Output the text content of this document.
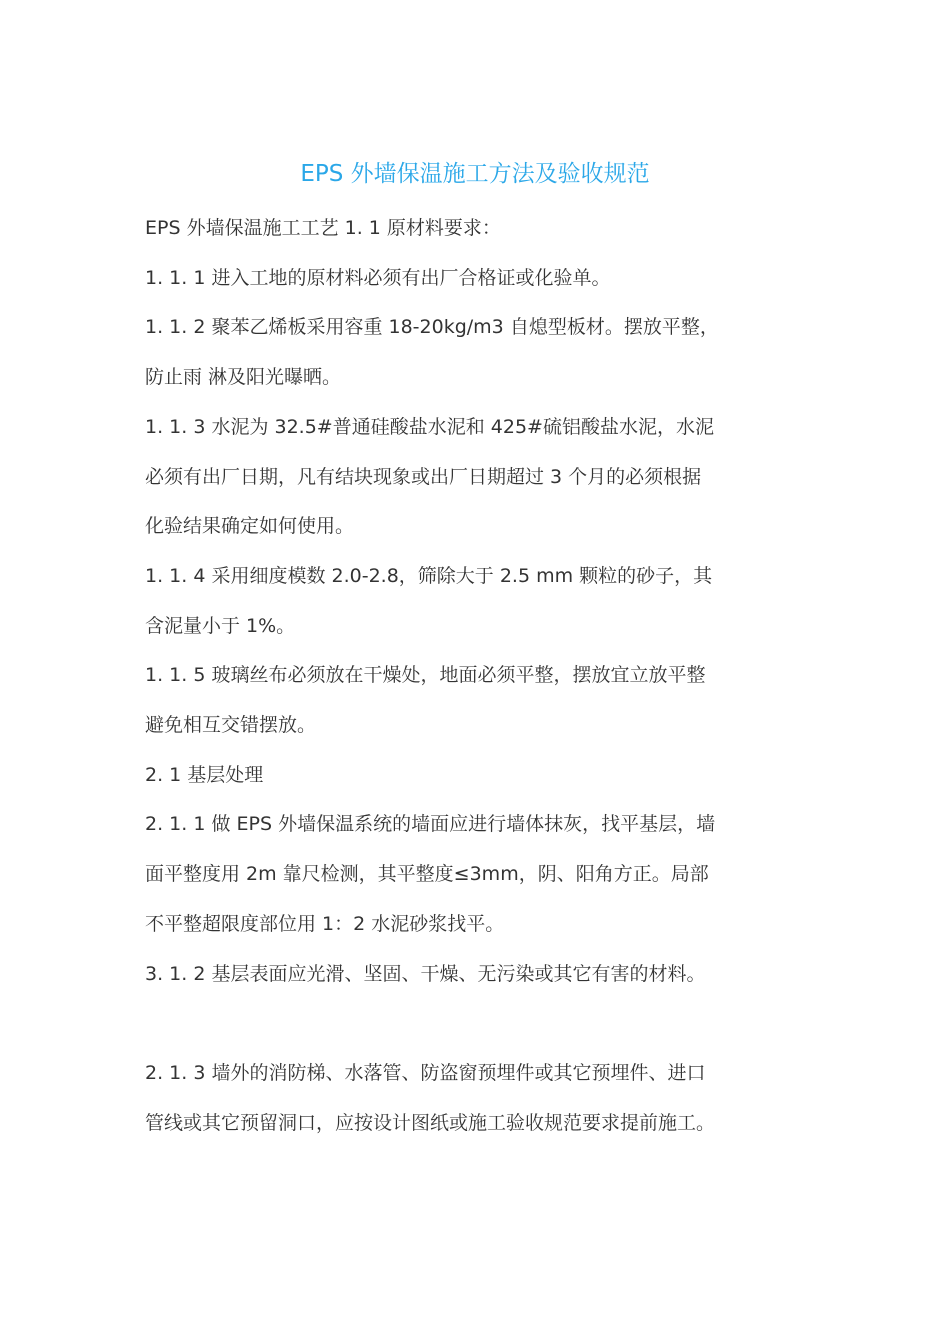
EPS 外墙保温施工方法及验收规范

EPS 外墙保温施工工艺 1. 1 原材料要求：

1. 1. 1 进入工地的原材料必须有出厂合格证或化验单。

1. 1. 2 聚苯乙烯板采用容重 18-20kg/m3 自熄型板材。摆放平整，
防止雨 淋及阳光曝晒。

1. 1. 3 水泥为 32.5#普通硅酸盐水泥和 425#硫铝酸盐水泥，水泥
必须有出厂日期，凡有结块现象或出厂日期超过 3 个月的必须根据
化验结果确定如何使用。

1. 1. 4 采用细度模数 2.0-2.8，筛除大于 2.5 mm 颗粒的砂子，其
含泥量小于 1%。

1. 1. 5 玻璃丝布必须放在干燥处，地面必须平整，摆放宜立放平整
避免相互交错摆放。

2. 1 基层处理

2. 1. 1 做 EPS 外墙保温系统的墙面应进行墙体抹灰，找平基层，墙
面平整度用 2m 靠尺检测，其平整度≤3mm，阴、阳角方正。局部
不平整超限度部位用 1：2 水泥砂浆找平。

3. 1. 2 基层表面应光滑、坚固、干燥、无污染或其它有害的材料。

2. 1. 3 墙外的消防梯、水落管、防盗窗预埋件或其它预埋件、进口
管线或其它预留洞口，应按设计图纸或施工验收规范要求提前施工。
